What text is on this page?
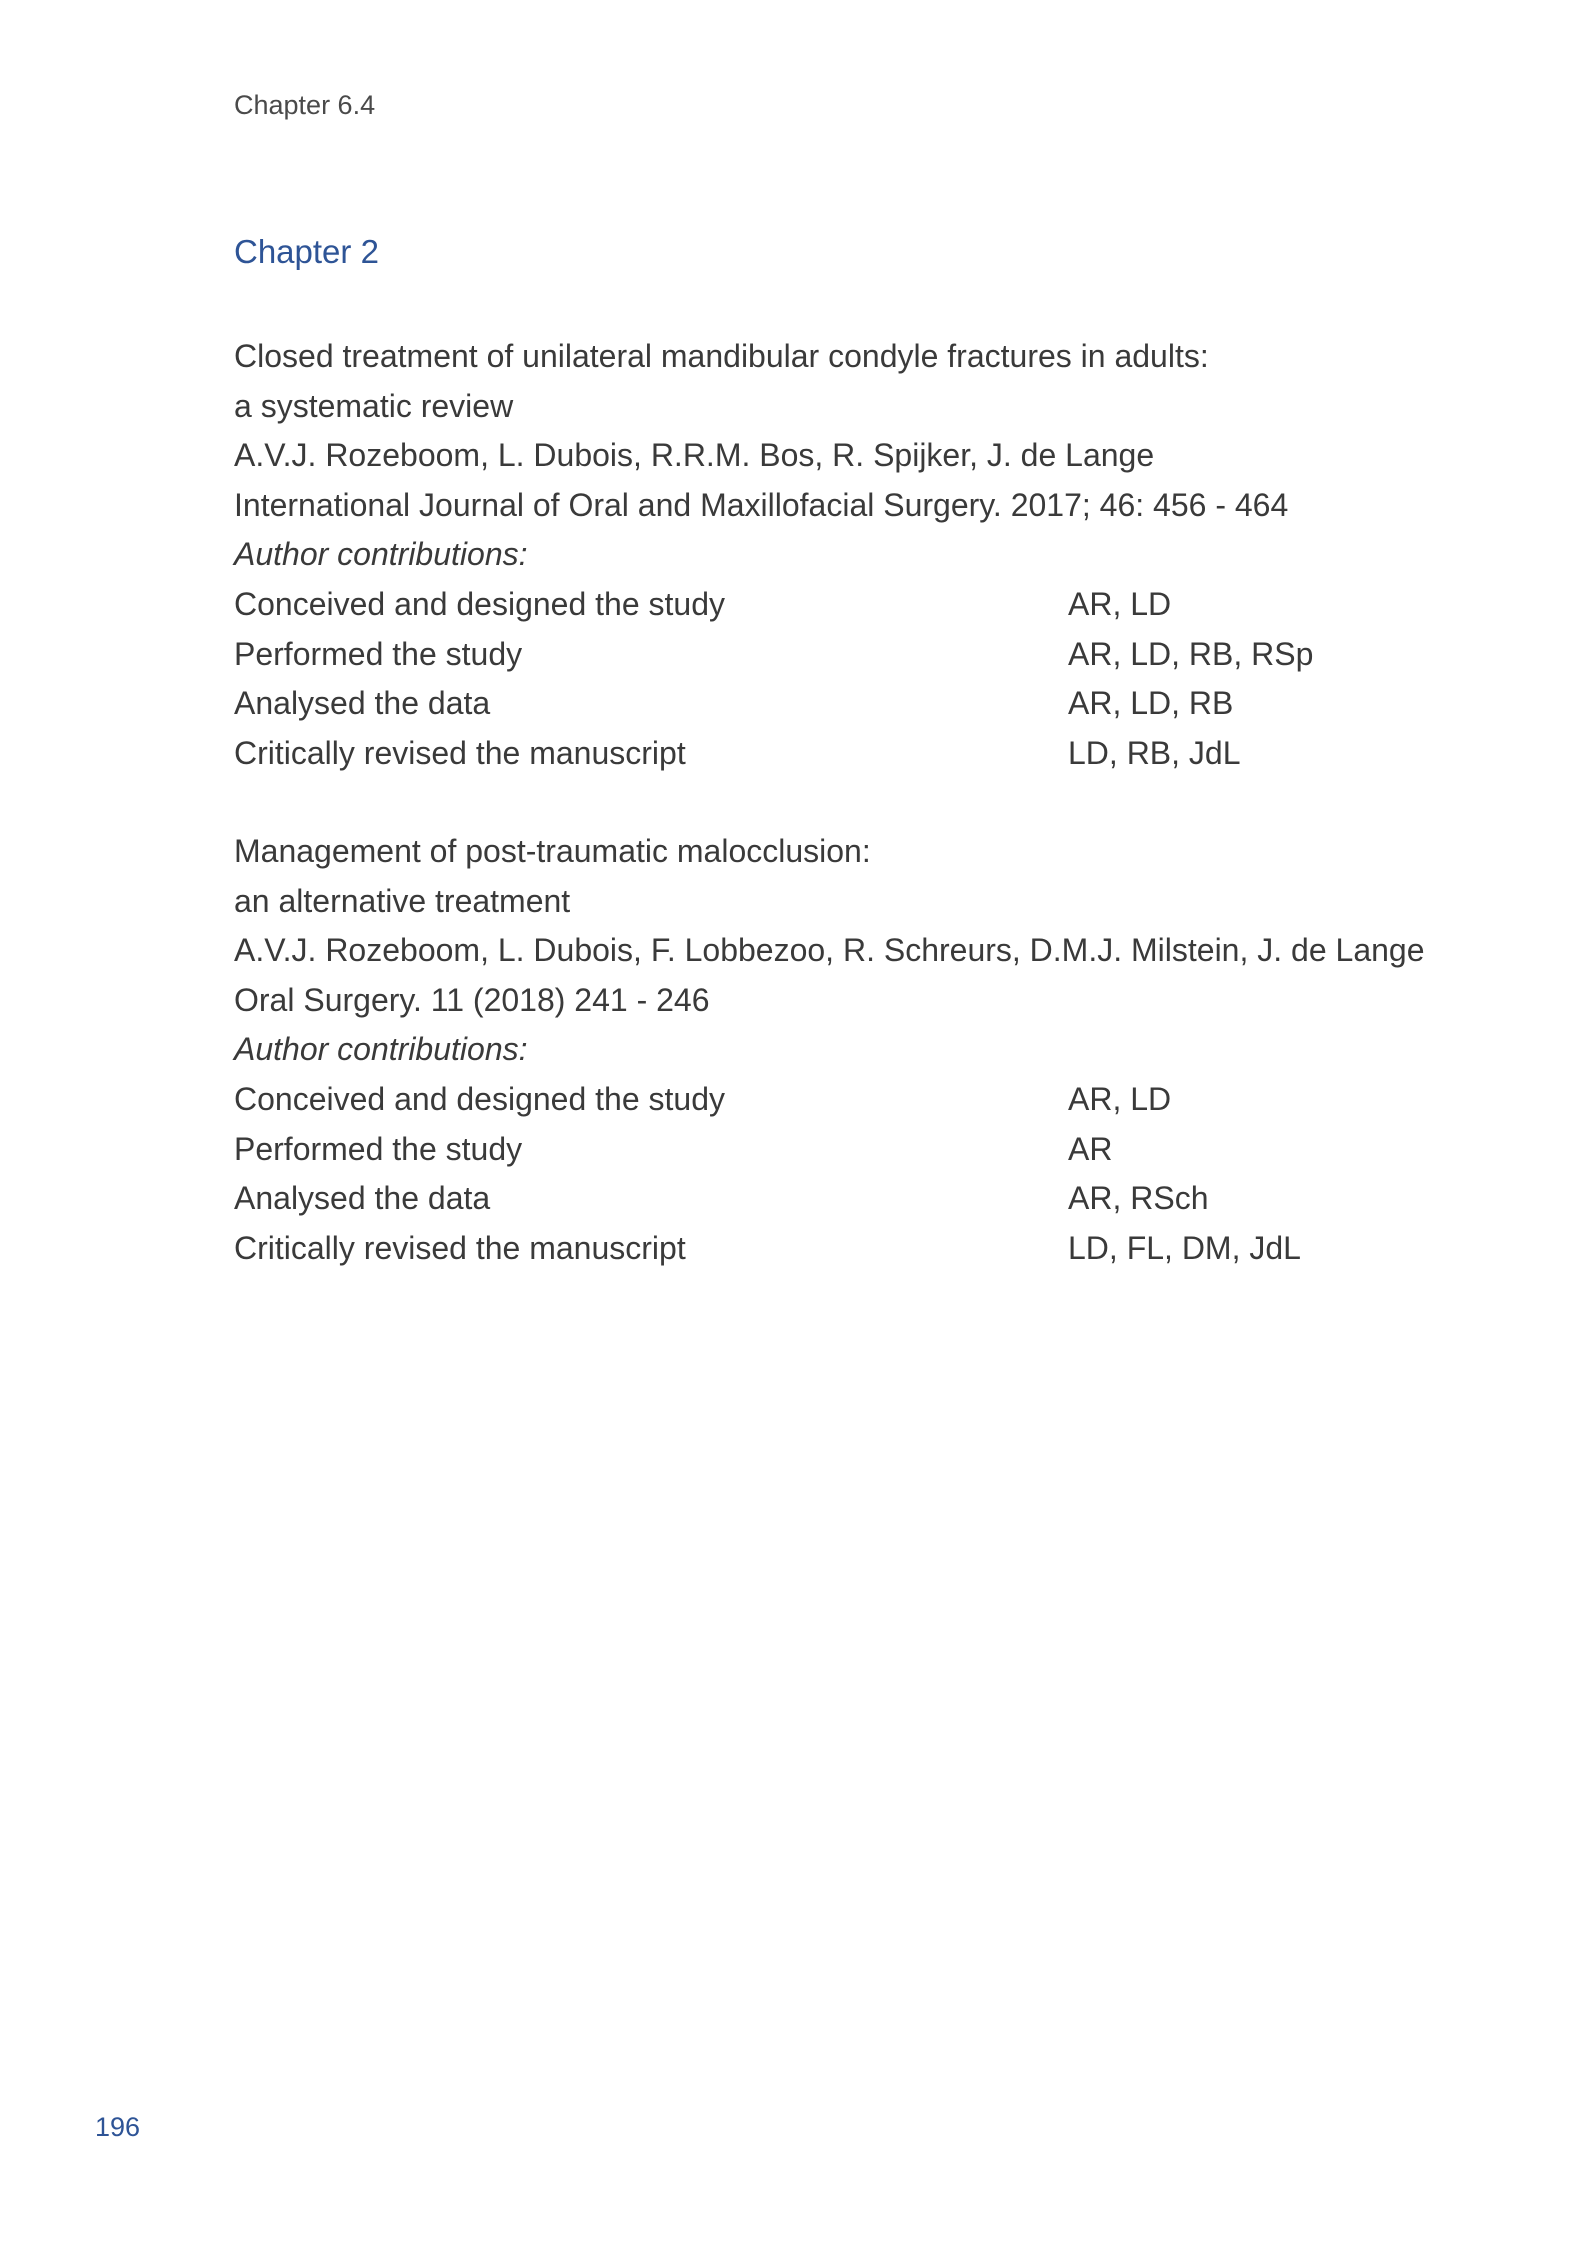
Chapter 6.4
Chapter 2
Closed treatment of unilateral mandibular condyle fractures in adults:
a systematic review
A.V.J. Rozeboom, L. Dubois, R.R.M. Bos, R. Spijker, J. de Lange
International Journal of Oral and Maxillofacial Surgery. 2017; 46: 456 - 464
Author contributions:
Conceived and designed the study	AR, LD
Performed the study	AR, LD, RB, RSp
Analysed the data	AR, LD, RB
Critically revised the manuscript	LD, RB, JdL
Management of post-traumatic malocclusion:
an alternative treatment
A.V.J. Rozeboom, L. Dubois, F. Lobbezoo, R. Schreurs, D.M.J. Milstein, J. de Lange
Oral Surgery. 11 (2018) 241 - 246
Author contributions:
Conceived and designed the study	AR, LD
Performed the study	AR
Analysed the data	AR, RSch
Critically revised the manuscript	LD, FL, DM, JdL
196
